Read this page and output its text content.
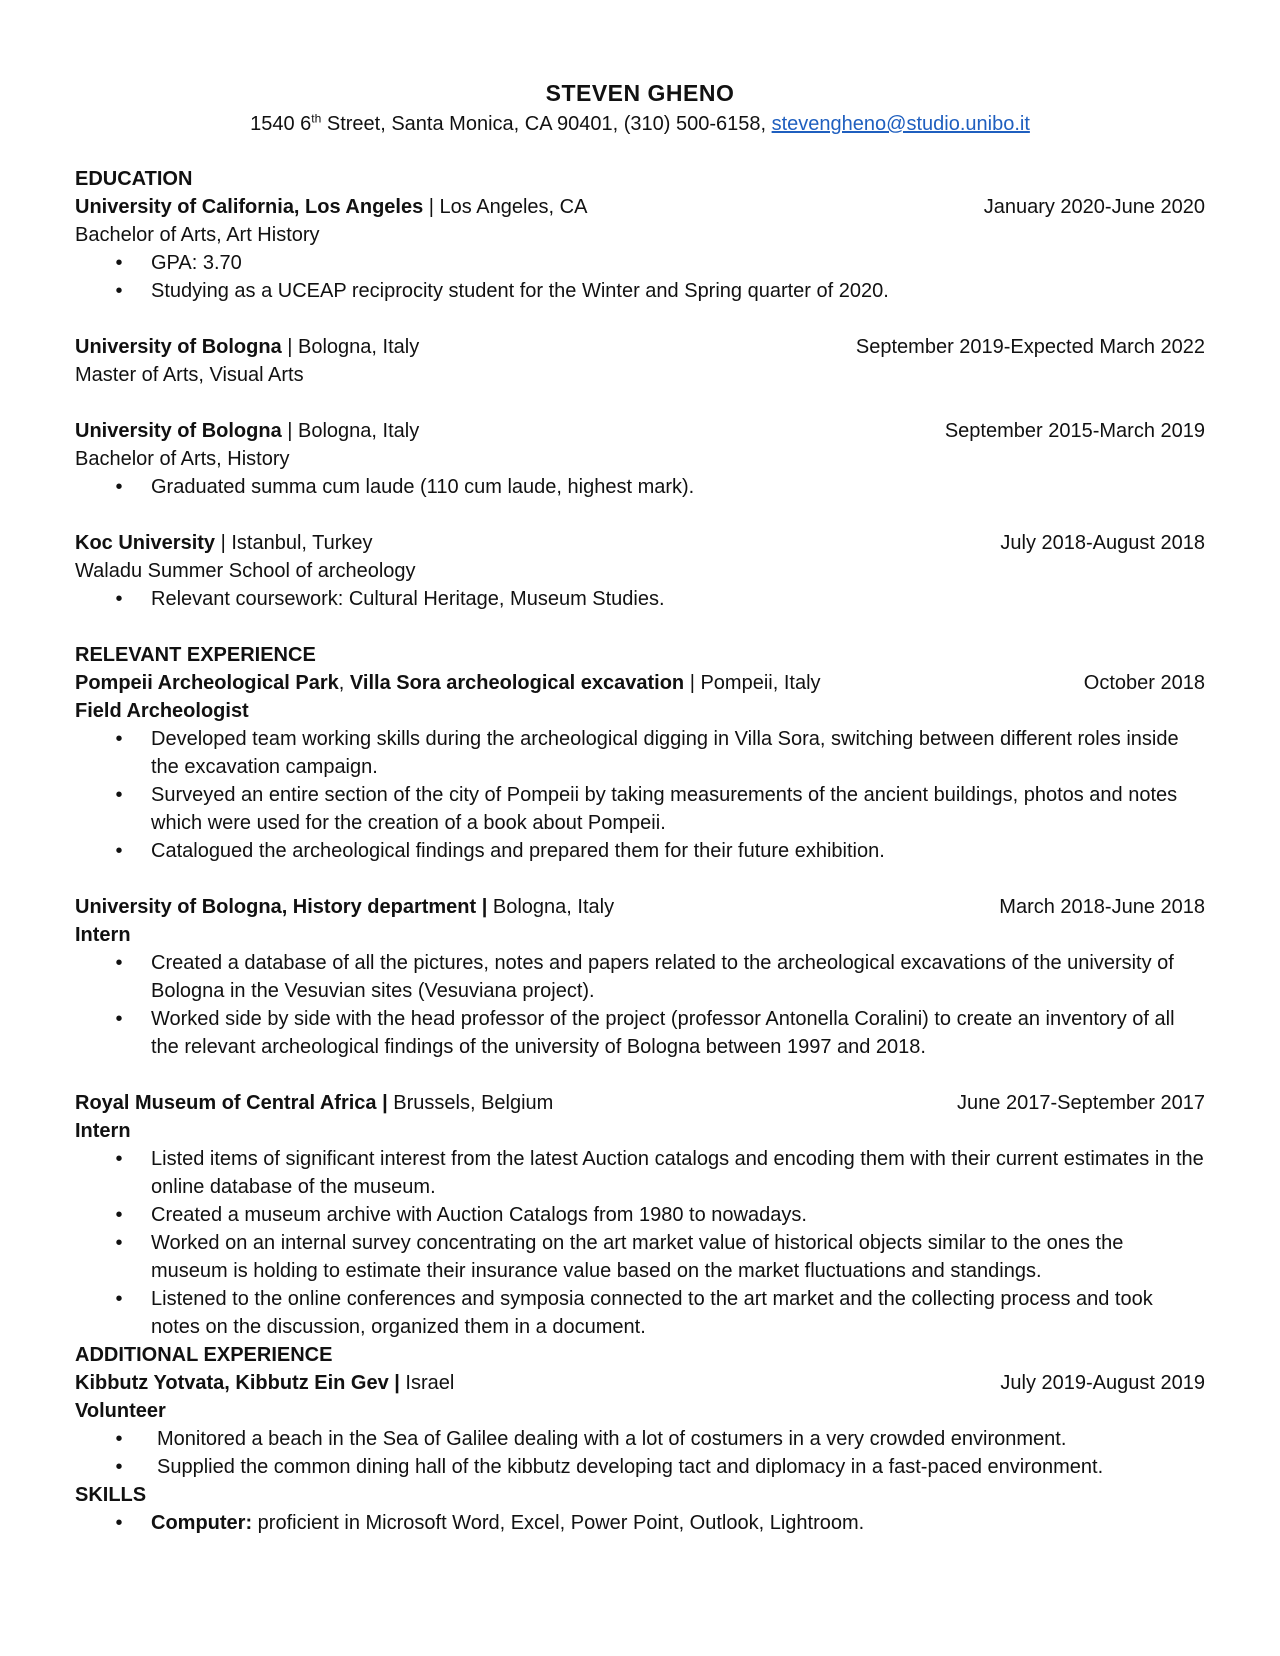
STEVEN GHENO
1540 6th Street, Santa Monica, CA 90401, (310) 500-6158, stevengheno@studio.unibo.it
EDUCATION
University of California, Los Angeles | Los Angeles, CA	January 2020-June 2020
Bachelor of Arts, Art History
• GPA: 3.70
• Studying as a UCEAP reciprocity student for the Winter and Spring quarter of 2020.
University of Bologna | Bologna, Italy	September 2019-Expected March 2022
Master of Arts, Visual Arts
University of Bologna | Bologna, Italy	September 2015-March 2019
Bachelor of Arts, History
• Graduated summa cum laude (110 cum laude, highest mark).
Koc University | Istanbul, Turkey	July 2018-August 2018
Waladu Summer School of archeology
• Relevant coursework: Cultural Heritage, Museum Studies.
RELEVANT EXPERIENCE
Pompeii Archeological Park, Villa Sora archeological excavation | Pompeii, Italy	October 2018
Field Archeologist
• Developed team working skills during the archeological digging in Villa Sora, switching between different roles inside the excavation campaign.
• Surveyed an entire section of the city of Pompeii by taking measurements of the ancient buildings, photos and notes which were used for the creation of a book about Pompeii.
• Catalogued the archeological findings and prepared them for their future exhibition.
University of Bologna, History department | Bologna, Italy	March 2018-June 2018
Intern
• Created a database of all the pictures, notes and papers related to the archeological excavations of the university of Bologna in the Vesuvian sites (Vesuviana project).
• Worked side by side with the head professor of the project (professor Antonella Coralini) to create an inventory of all the relevant archeological findings of the university of Bologna between 1997 and 2018.
Royal Museum of Central Africa | Brussels, Belgium	June 2017-September 2017
Intern
• Listed items of significant interest from the latest Auction catalogs and encoding them with their current estimates in the online database of the museum.
• Created a museum archive with Auction Catalogs from 1980 to nowadays.
• Worked on an internal survey concentrating on the art market value of historical objects similar to the ones the museum is holding to estimate their insurance value based on the market fluctuations and standings.
• Listened to the online conferences and symposia connected to the art market and the collecting process and took notes on the discussion, organized them in a document.
ADDITIONAL EXPERIENCE
Kibbutz Yotvata, Kibbutz Ein Gev | Israel	July 2019-August 2019
Volunteer
• Monitored a beach in the Sea of Galilee dealing with a lot of costumers in a very crowded environment.
• Supplied the common dining hall of the kibbutz developing tact and diplomacy in a fast-paced environment.
SKILLS
• Computer: proficient in Microsoft Word, Excel, Power Point, Outlook, Lightroom.
